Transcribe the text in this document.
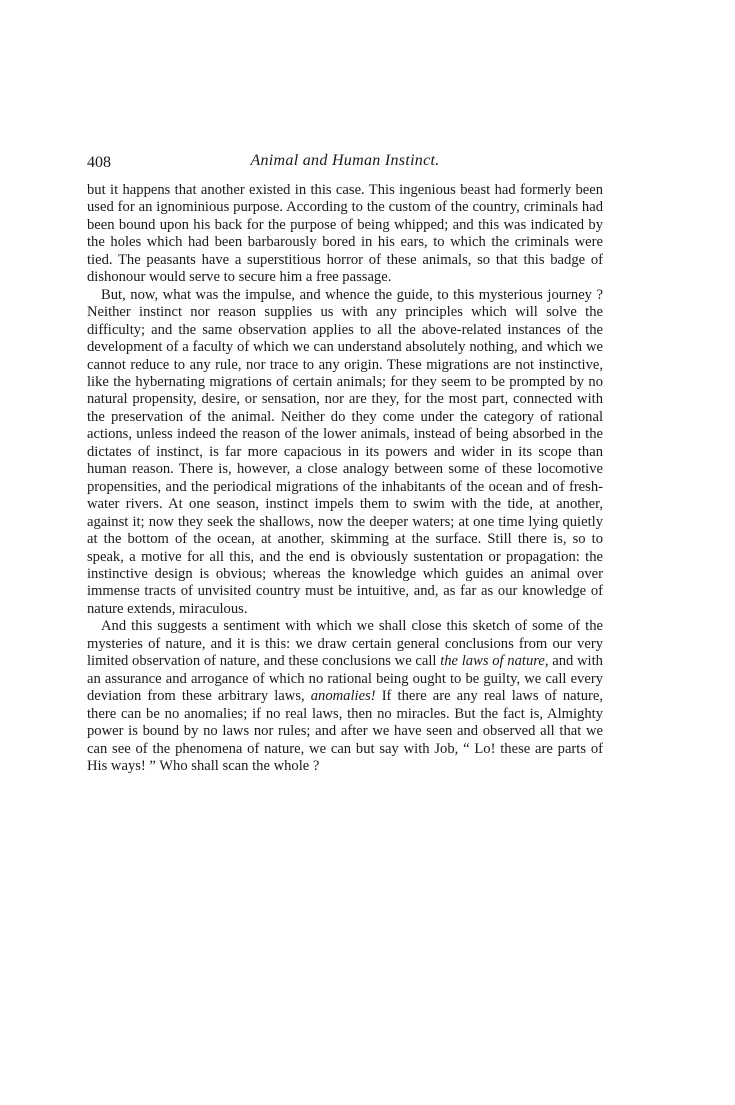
408	Animal and Human Instinct.

but it happens that another existed in this case. This ingenious beast had formerly been used for an ignominious purpose. According to the custom of the country, criminals had been bound upon his back for the purpose of being whipped; and this was indicated by the holes which had been barbarously bored in his ears, to which the criminals were tied. The peasants have a superstitious horror of these animals, so that this badge of dishonour would serve to secure him a free passage.

But, now, what was the impulse, and whence the guide, to this mysterious journey ? Neither instinct nor reason supplies us with any principles which will solve the difficulty; and the same observation applies to all the above-related instances of the development of a faculty of which we can understand absolutely nothing, and which we cannot reduce to any rule, nor trace to any origin. These migrations are not instinctive, like the hybernating migrations of certain animals; for they seem to be prompted by no natural propensity, desire, or sensation, nor are they, for the most part, connected with the preservation of the animal. Neither do they come under the category of rational actions, unless indeed the reason of the lower animals, instead of being absorbed in the dictates of instinct, is far more capacious in its powers and wider in its scope than human reason. There is, however, a close analogy between some of these locomotive propensities, and the periodical migrations of the inhabitants of the ocean and of fresh-water rivers. At one season, instinct impels them to swim with the tide, at another, against it; now they seek the shallows, now the deeper waters; at one time lying quietly at the bottom of the ocean, at another, skimming at the surface. Still there is, so to speak, a motive for all this, and the end is obviously sustentation or propagation: the instinctive design is obvious; whereas the knowledge which guides an animal over immense tracts of unvisited country must be intuitive, and, as far as our knowledge of nature extends, miraculous.

And this suggests a sentiment with which we shall close this sketch of some of the mysteries of nature, and it is this: we draw certain general conclusions from our very limited observation of nature, and these conclusions we call the laws of nature, and with an assurance and arrogance of which no rational being ought to be guilty, we call every deviation from these arbitrary laws, anomalies! If there are any real laws of nature, there can be no anomalies; if no real laws, then no miracles. But the fact is, Almighty power is bound by no laws nor rules; and after we have seen and observed all that we can see of the phenomena of nature, we can but say with Job, “ Lo! these are parts of His ways! ” Who shall scan the whole ?
